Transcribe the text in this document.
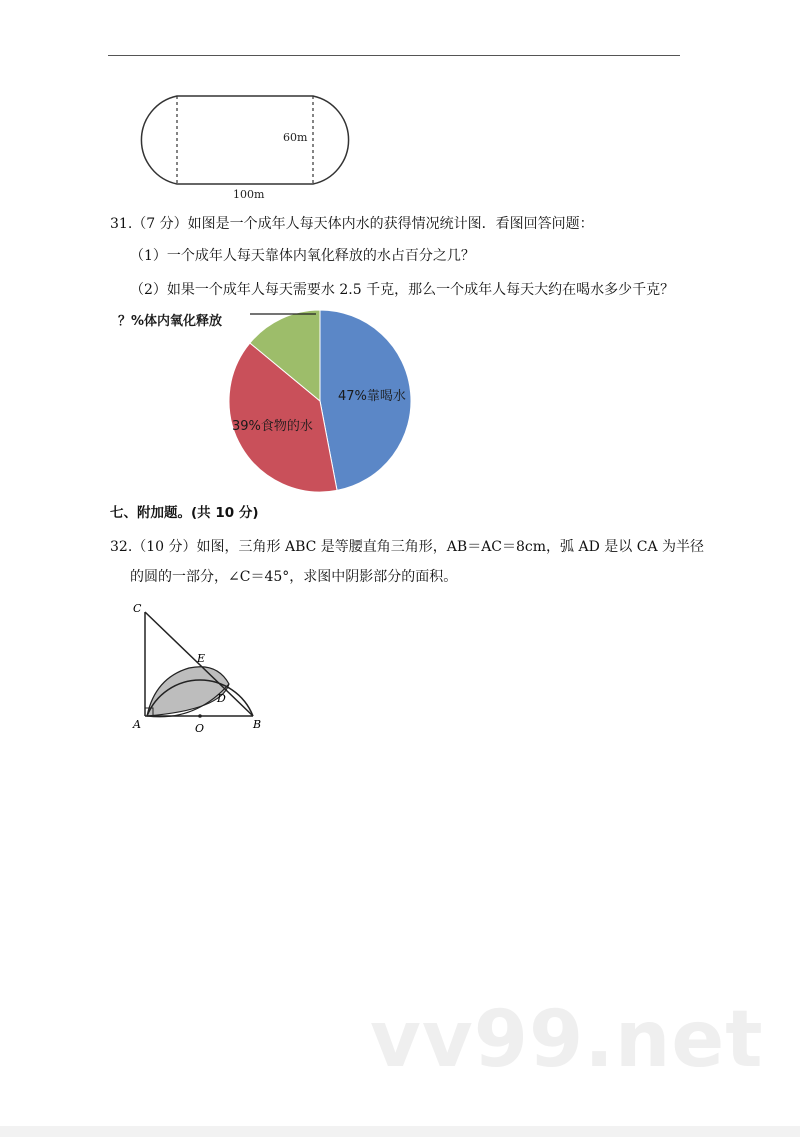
60m
100m
31.（7 分）如图是一个成年人每天体内水的获得情况统计图．看图回答问题：
（1）一个成年人每天靠体内氧化释放的水占百分之几？
（2）如果一个成年人每天需要水 2.5 千克，那么一个成年人每天大约在喝水多少千克？
？%体内氧化释放
47%靠喝水
39%食物的水
七、附加题。(共 10 分)
32.（10 分）如图，三角形 ABC 是等腰直角三角形，AB＝AC＝8cm，弧 AD 是以 CA 为半径
的圆的一部分，∠C＝45°，求图中阴影部分的面积。
C
E
D
A	O	B
vv99.net
